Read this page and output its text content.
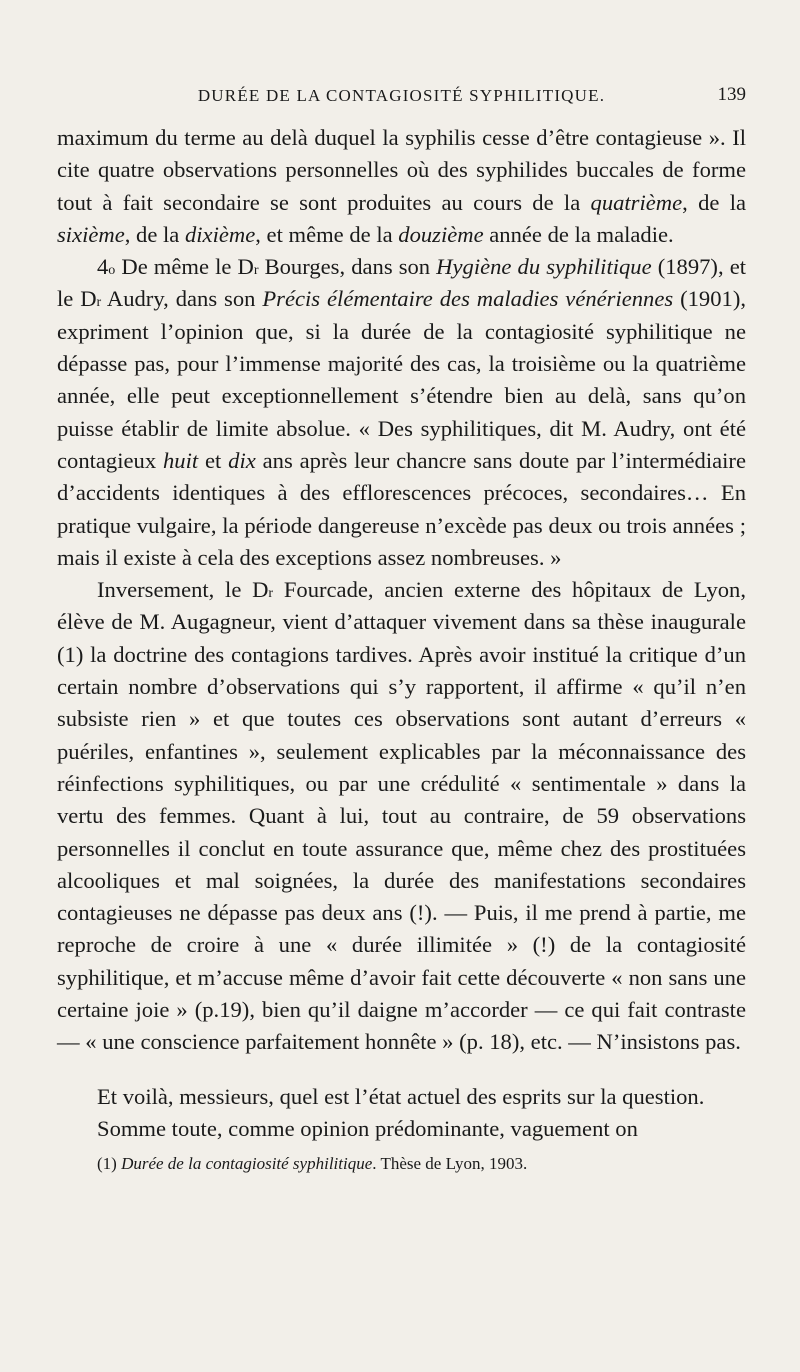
DURÉE DE LA CONTAGIOSITÉ SYPHILITIQUE.	139

maximum du terme au delà duquel la syphilis cesse d’être contagieuse ». Il cite quatre observations personnelles où des syphilides buccales de forme tout à fait secondaire se sont produites au cours de la quatrième, de la sixième, de la dixième, et même de la douzième année de la maladie.

4$^o$ De même le $D^r$ Bourges, dans son Hygiène du syphilitique (1897), et le $D^r$ Audry, dans son Précis élémentaire des maladies vénériennes (1901), expriment l’opinion que, si la durée de la contagiosité syphilitique ne dépasse pas, pour l’immense majorité des cas, la troisième ou la quatrième année, elle peut exceptionnellement s’étendre bien au delà, sans qu’on puisse établir de limite absolue. « Des syphilitiques, dit M. Audry, ont été contagieux huit et dix ans après leur chancre sans doute par l’intermédiaire d’accidents identiques à des efflorescences précoces, secondaires… En pratique vulgaire, la période dangereuse n’excède pas deux ou trois années ; mais il existe à cela des exceptions assez nombreuses. »

Inversement, le $D^r$ Fourcade, ancien externe des hôpitaux de Lyon, élève de M. Augagneur, vient d’attaquer vivement dans sa thèse inaugurale (1) la doctrine des contagions tardives. Après avoir institué la critique d’un certain nombre d’observations qui s’y rapportent, il affirme « qu’il n’en subsiste rien » et que toutes ces observations sont autant d’erreurs « puériles, enfantines », seulement explicables par la méconnaissance des réinfections syphilitiques, ou par une crédulité « sentimentale » dans la vertu des femmes. Quant à lui, tout au contraire, de 59 observations personnelles il conclut en toute assurance que, même chez des prostituées alcooliques et mal soignées, la durée des manifestations secondaires contagieuses ne dépasse pas deux ans (!). — Puis, il me prend à partie, me reproche de croire à une « durée illimitée » (!) de la contagiosité syphilitique, et m’accuse même d’avoir fait cette découverte « non sans une certaine joie » (p.19), bien qu’il daigne m’accorder — ce qui fait contraste — « une conscience parfaitement honnête » (p. 18), etc. — N’insistons pas.

Et voilà, messieurs, quel est l’état actuel des esprits sur la question.

Somme toute, comme opinion prédominante, vaguement on

(1) Durée de la contagiosité syphilitique. Thèse de Lyon, 1903.
